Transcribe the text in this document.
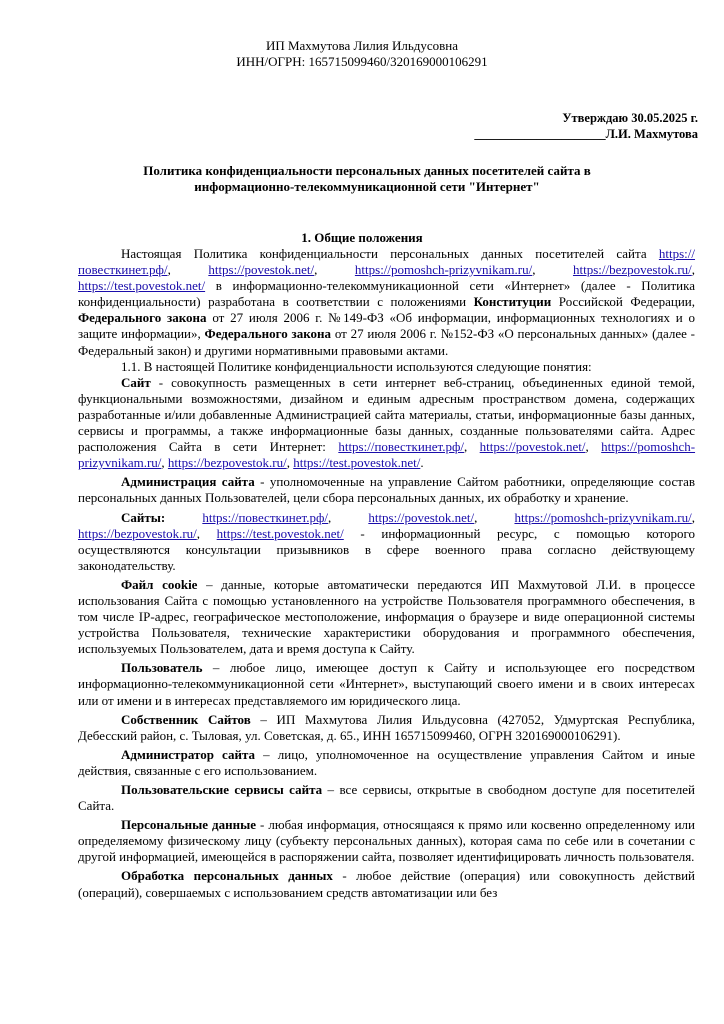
ИП Махмутова Лилия Ильдусовна
ИНН/ОГРН: 165715099460/320169000106291
Утверждаю 30.05.2025 г.
_____________________Л.И. Махмутова
Политика конфиденциальности персональных данных посетителей сайта в
информационно-телекоммуникационной сети "Интернет"
1. Общие положения

Настоящая Политика конфиденциальности персональных данных посетителей сайта https://повесткинет.рф/, https://povestok.net/, https://pomoshch-prizyvnikam.ru/, https://bezpovestok.ru/, https://test.povestok.net/ в информационно-телекоммуникационной сети «Интернет» (далее - Политика конфиденциальности) разработана в соответствии с положениями Конституции Российской Федерации, Федерального закона от 27 июля 2006 г. №149-ФЗ «Об информации, информационных технологиях и о защите информации», Федерального закона от 27 июля 2006 г. №152-ФЗ «О персональных данных» (далее - Федеральный закон) и другими нормативными правовыми актами.

1.1. В настоящей Политике конфиденциальности используются следующие понятия:

Сайт - совокупность размещенных в сети интернет веб-страниц, объединенных единой темой, функциональными возможностями, дизайном и единым адресным пространством домена, содержащих разработанные и/или добавленные Администрацией сайта материалы, статьи, информационные базы данных, сервисы и программы, а также информационные базы данных, созданные пользователями сайта. Адрес расположения Сайта в сети Интернет: https://повесткинет.рф/, https://povestok.net/, https://pomoshch-prizyvnikam.ru/, https://bezpovestok.ru/, https://test.povestok.net/.

Администрация сайта - уполномоченные на управление Сайтом работники, определяющие состав персональных данных Пользователей, цели сбора персональных данных, их обработку и хранение.

Сайты:	https://повесткинет.рф/, https://povestok.net/, https://pomoshch-prizyvnikam.ru/, https://bezpovestok.ru/, https://test.povestok.net/ - информационный ресурс, с помощью которого осуществляются консультации призывников в сфере военного права согласно действующему законодательству.

Файл cookie – данные, которые автоматически передаются ИП Махмутовой Л.И. в процессе использования Сайта с помощью установленного на устройстве Пользователя программного обеспечения, в том числе IP-адрес, географическое местоположение, информация о браузере и виде операционной системы устройства Пользователя, технические характеристики оборудования и программного обеспечения, используемых Пользователем, дата и время доступа к Сайту.

Пользователь – любое лицо, имеющее доступ к Сайту и использующее его посредством информационно-телекоммуникационной сети «Интернет», выступающий своего имени и в своих интересах или от имени и в интересах представляемого им юридического лица.

Собственник Сайтов – ИП Махмутова Лилия Ильдусовна (427052, Удмуртская Республика, Дебесский район, с. Тыловая, ул. Советская, д. 65., ИНН 165715099460, ОГРН 320169000106291).

Администратор сайта – лицо, уполномоченное на осуществление управления Сайтом и иные действия, связанные с его использованием.

Пользовательские сервисы сайта – все сервисы, открытые в свободном доступе для посетителей Сайта.

Персональные данные - любая информация, относящаяся к прямо или косвенно определенному или определяемому физическому лицу (субъекту персональных данных), которая сама по себе или в сочетании с другой информацией, имеющейся в распоряжении сайта, позволяет идентифицировать личность пользователя.

Обработка персональных данных - любое действие (операция) или совокупность действий (операций), совершаемых с использованием средств автоматизации или без
